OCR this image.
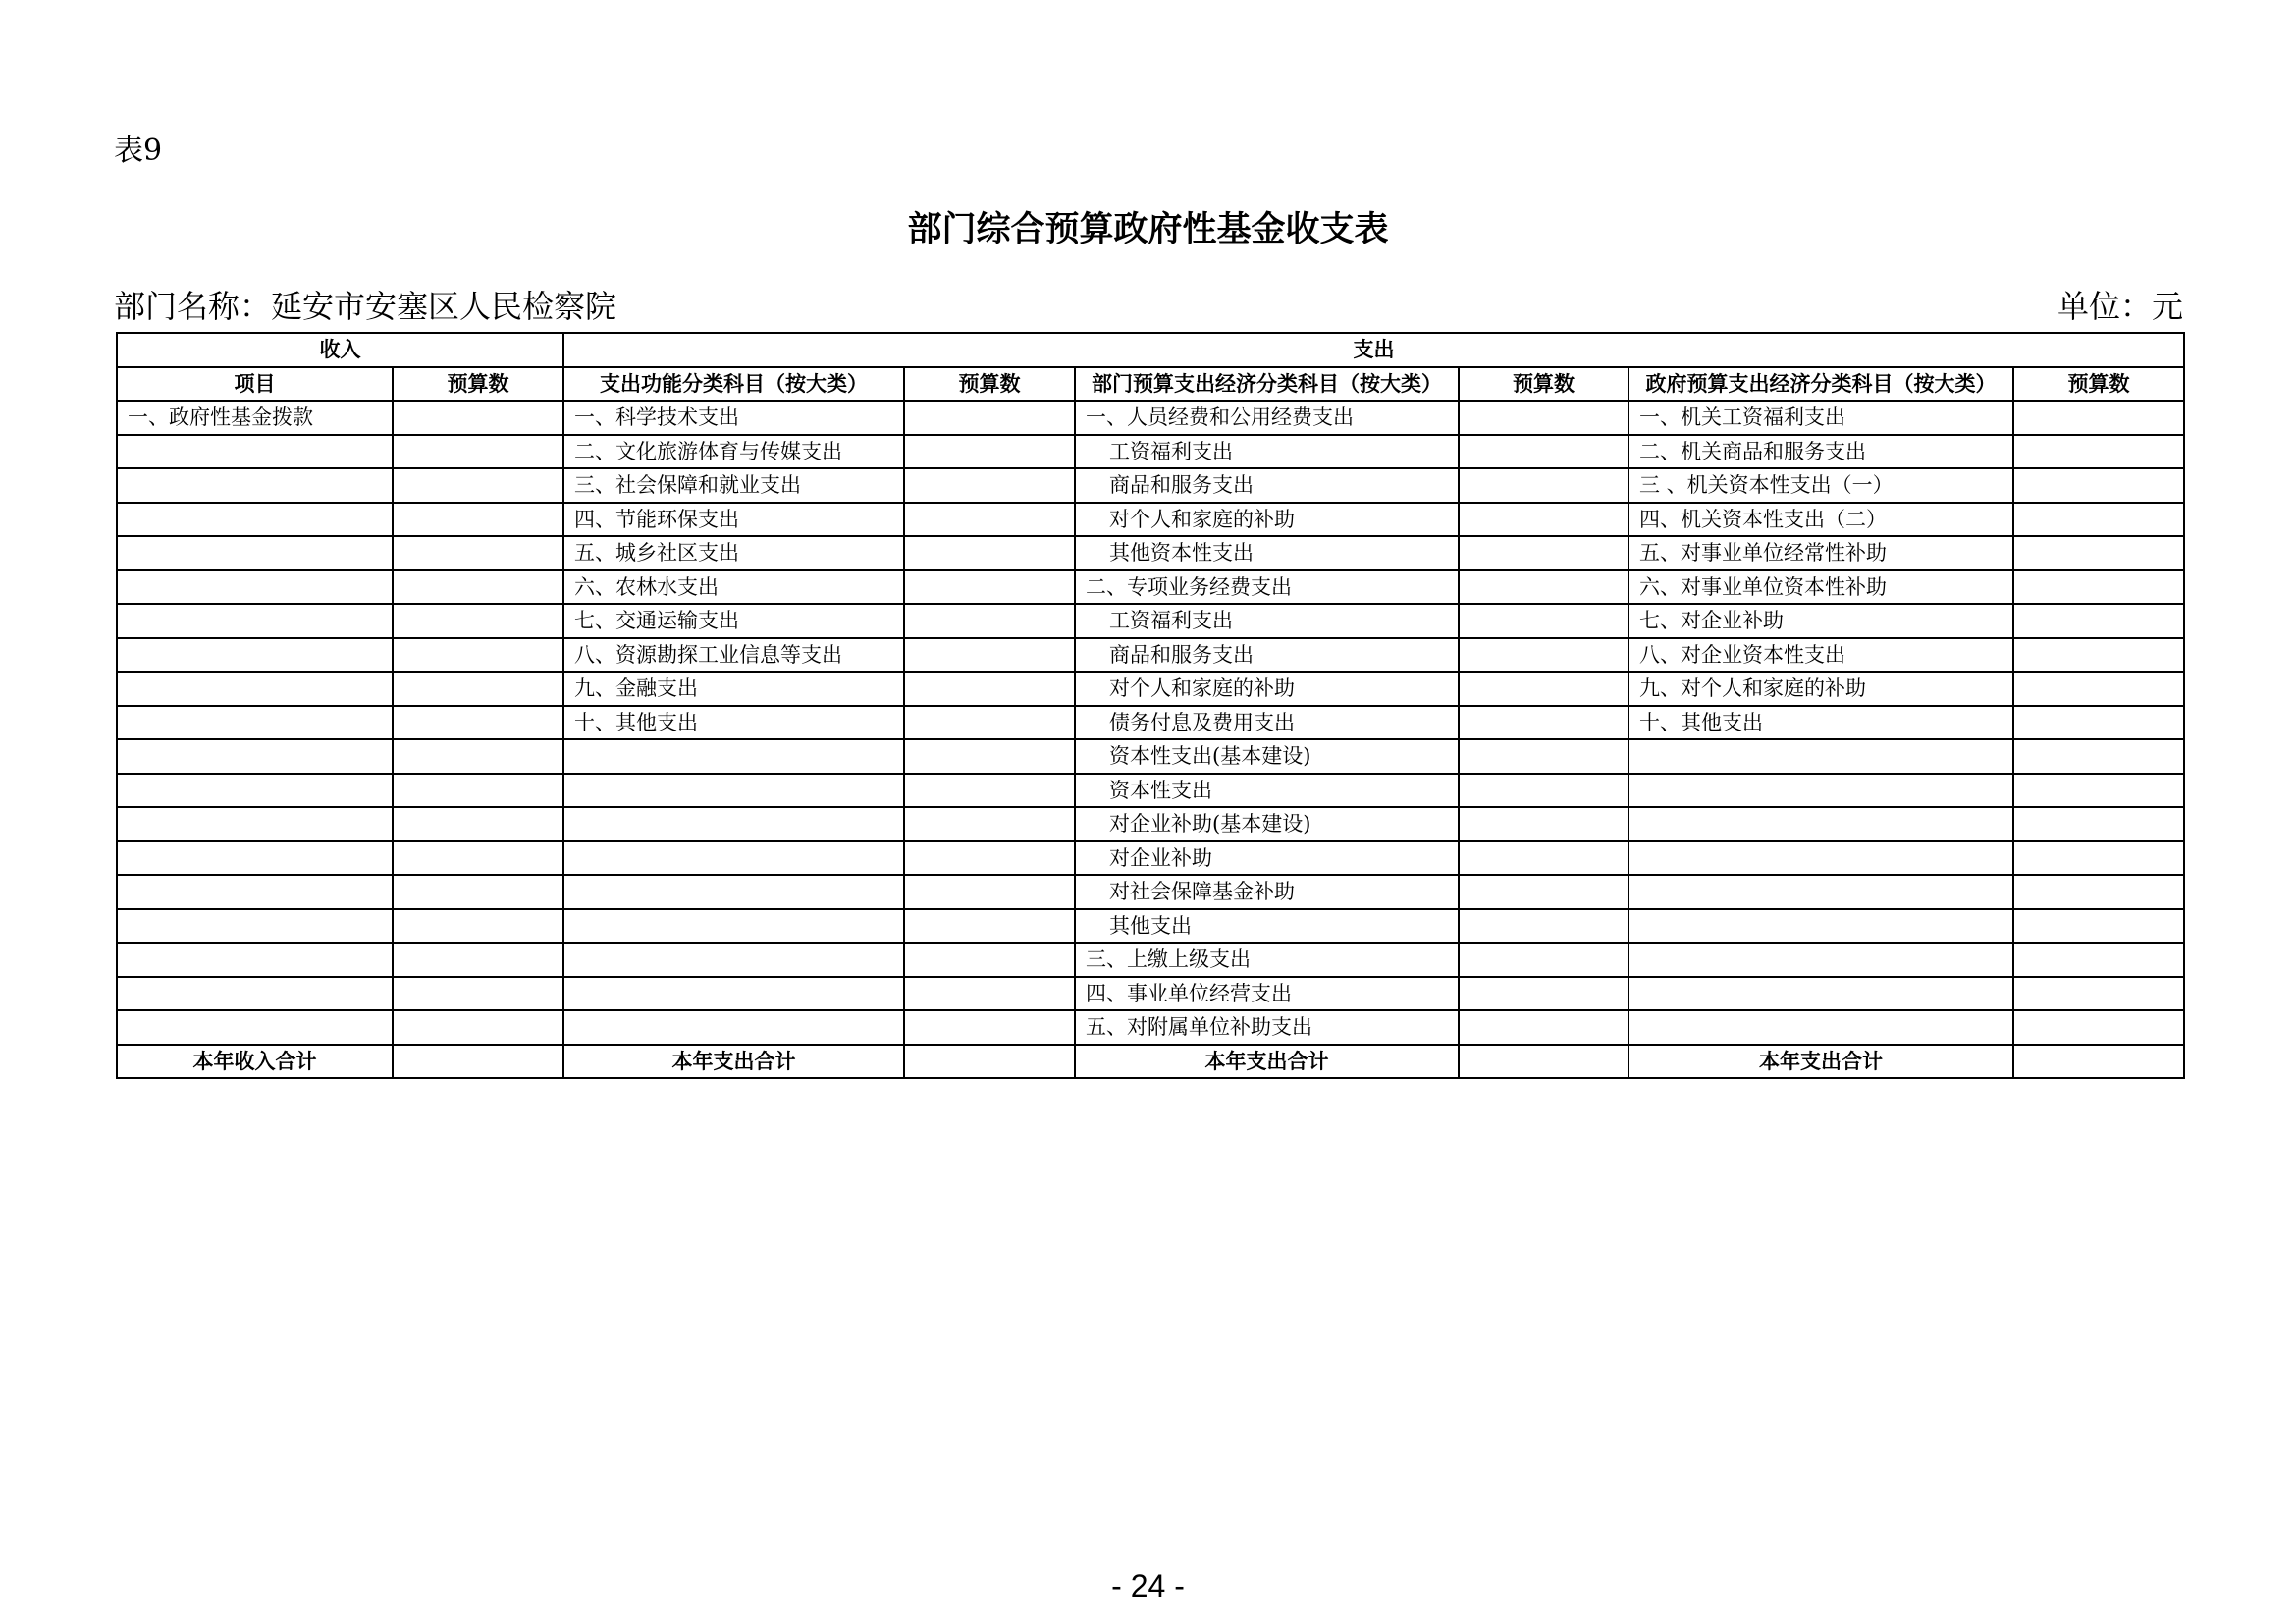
表9
部门综合预算政府性基金收支表
部门名称：延安市安塞区人民检察院	单位：元
收入		支出					
项目	预算数	支出功能分类科目（按大类）	预算数	部门预算支出经济分类科目（按大类）	预算数	政府预算支出经济分类科目（按大类）	预算数
一、政府性基金拨款		一、科学技术支出		一、人员经费和公用经费支出		一、机关工资福利支出	
		二、文化旅游体育与传媒支出		工资福利支出		二、机关商品和服务支出	
		三、社会保障和就业支出		商品和服务支出		三 、机关资本性支出（一）	
		四、节能环保支出		对个人和家庭的补助		四、机关资本性支出（二）	
		五、城乡社区支出		其他资本性支出		五、对事业单位经常性补助	
		六、农林水支出		二、专项业务经费支出		六、对事业单位资本性补助	
		七、交通运输支出		工资福利支出		七、对企业补助	
		八、资源勘探工业信息等支出		商品和服务支出		八、对企业资本性支出	
		九、金融支出		对个人和家庭的补助		九、对个人和家庭的补助	
		十、其他支出		债务付息及费用支出		十、其他支出	
				资本性支出(基本建设)			
				资本性支出			
				对企业补助(基本建设)			
				对企业补助			
				对社会保障基金补助			
				其他支出			
				三、上缴上级支出			
				四、事业单位经营支出			
				五、对附属单位补助支出			
本年收入合计		本年支出合计		本年支出合计		本年支出合计	
- 24 -
